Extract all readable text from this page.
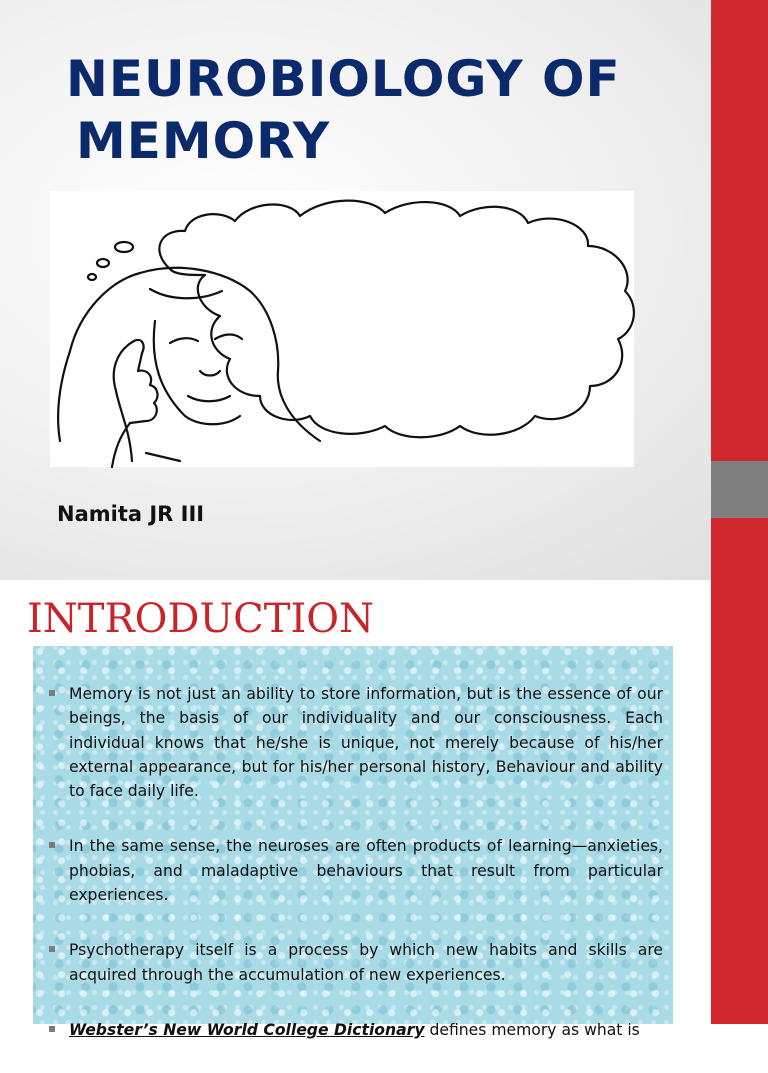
NEUROBIOLOGY OF
MEMORY
Namita JR III
INTRODUCTION
Memory is not just an ability to store information, but is the essence of our beings, the basis of our individuality and our consciousness. Each individual knows that he/she is unique, not merely because of his/her external appearance, but for his/her personal history, Behaviour and ability to face daily life.
In the same sense, the neuroses are often products of learning—anxieties, phobias, and maladaptive behaviours that result from particular experiences.
Psychotherapy itself is a process by which new habits and skills are acquired through the accumulation of new experiences.
Webster’s New World College Dictionary defines memory as what is
